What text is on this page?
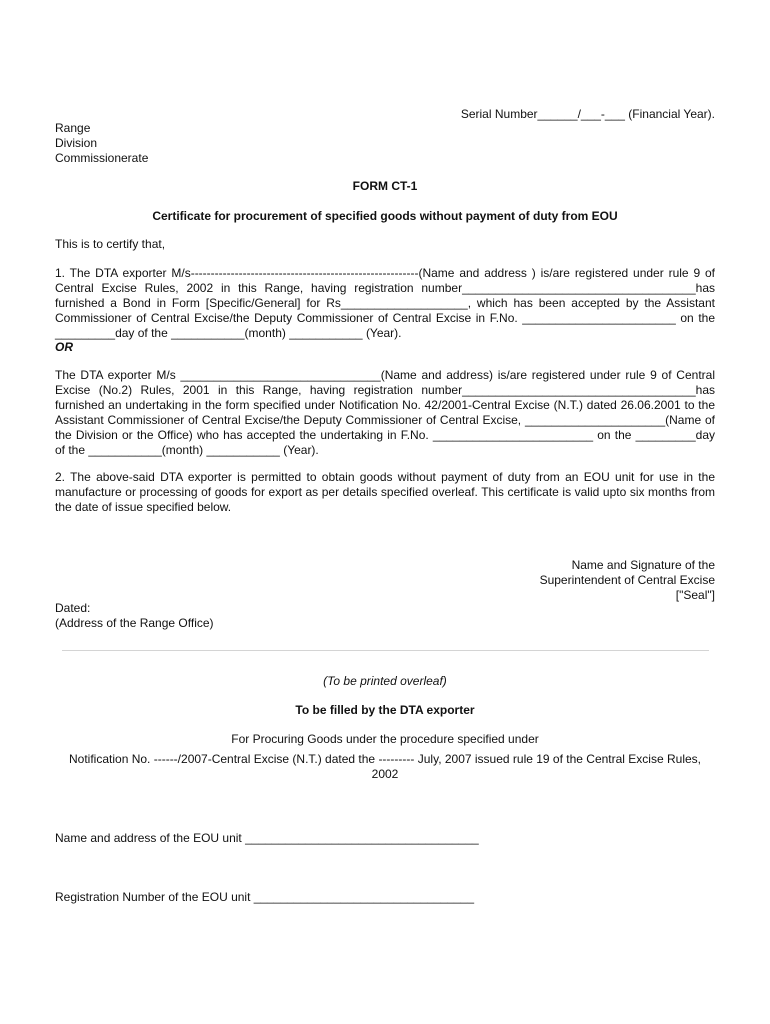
Serial Number______/___-___ (Financial Year).
Range
Division
Commissionerate
FORM CT-1
Certificate for procurement of specified goods without payment of duty from EOU
This is to certify that,
1. The DTA exporter M/s---------------------------------------------------------(Name and address ) is/are registered under rule 9 of Central Excise Rules, 2002 in this Range, having registration number___________________________________has furnished a Bond in Form [Specific/General] for Rs___________________, which has been accepted by the Assistant Commissioner of Central Excise/the Deputy Commissioner of Central Excise in F.No. _______________________ on the _________day of the ___________(month) ___________ (Year).
OR
The DTA exporter M/s ______________________________(Name and address) is/are registered under rule 9 of Central Excise (No.2) Rules, 2001 in this Range, having registration number___________________________________has furnished an undertaking in the form specified under Notification No. 42/2001-Central Excise (N.T.) dated 26.06.2001 to the Assistant Commissioner of Central Excise/the Deputy Commissioner of Central Excise, _____________________(Name of the Division or the Office) who has accepted the undertaking in F.No. ________________________ on the _________day of the ___________(month) ___________ (Year).
2. The above-said DTA exporter is permitted to obtain goods without payment of duty from an EOU unit for use in the manufacture or processing of goods for export as per details specified overleaf. This certificate is valid upto six months from the date of issue specified below.
Name and Signature of the
Superintendent of Central Excise
["Seal"]
Dated:
(Address of the Range Office)
(To be printed overleaf)
To be filled by the DTA exporter
For Procuring Goods under the procedure specified under
Notification No. ------/2007-Central Excise (N.T.) dated the --------- July, 2007 issued rule 19 of the Central Excise Rules, 2002
Name and address of the EOU unit ___________________________________
Registration Number of the EOU unit _________________________________
